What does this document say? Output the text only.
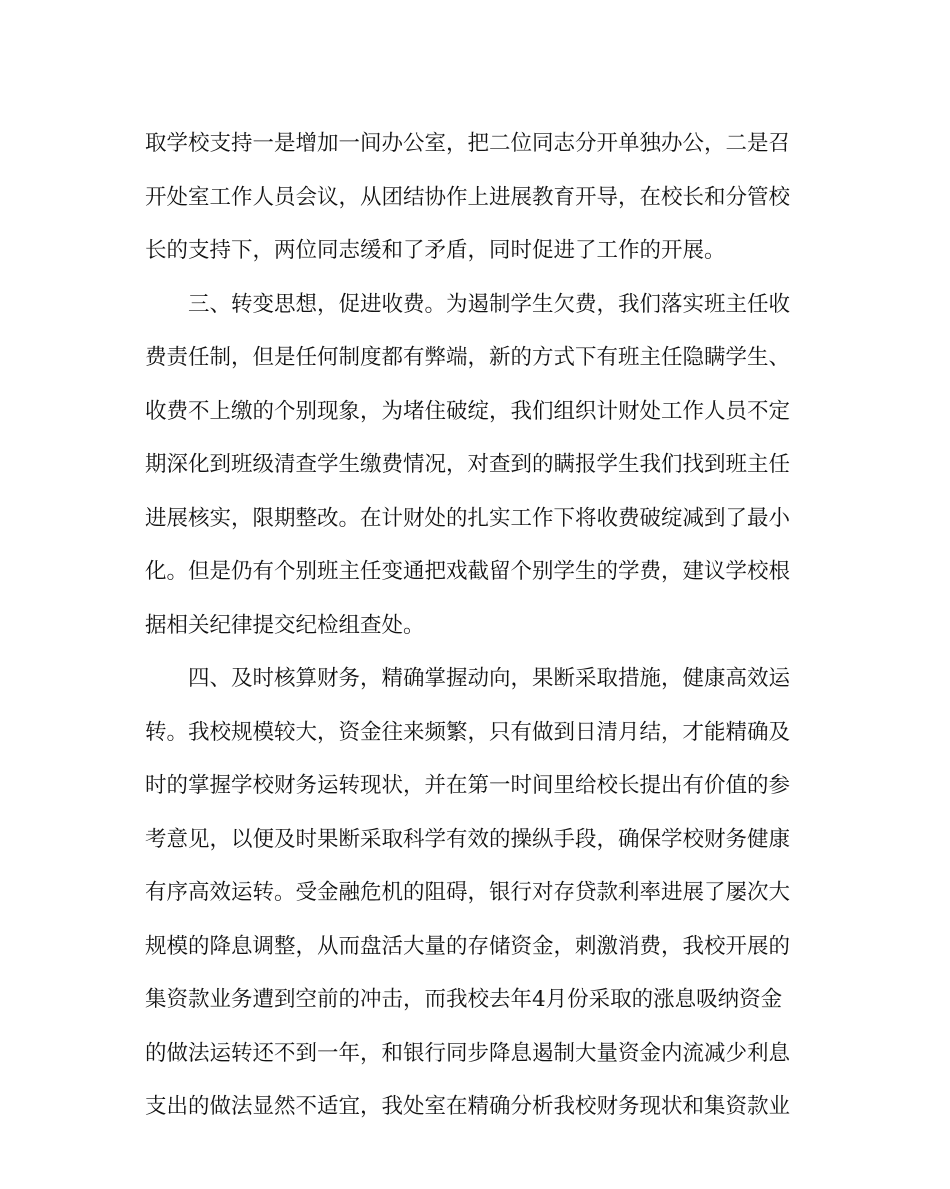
取学校支持一是增加一间办公室，把二位同志分开单独办公，二是召
开处室工作人员会议，从团结协作上进展教育开导，在校长和分管校
长的支持下，两位同志缓和了矛盾，同时促进了工作的开展。
三、转变思想，促进收费。为遏制学生欠费，我们落实班主任收
费责任制，但是任何制度都有弊端，新的方式下有班主任隐瞒学生、
收费不上缴的个别现象，为堵住破绽，我们组织计财处工作人员不定
期深化到班级清查学生缴费情况，对查到的瞒报学生我们找到班主任
进展核实，限期整改。在计财处的扎实工作下将收费破绽减到了最小
化。但是仍有个别班主任变通把戏截留个别学生的学费，建议学校根
据相关纪律提交纪检组查处。
四、及时核算财务，精确掌握动向，果断采取措施，健康高效运
转。我校规模较大，资金往来频繁，只有做到日清月结，才能精确及
时的掌握学校财务运转现状，并在第一时间里给校长提出有价值的参
考意见，以便及时果断采取科学有效的操纵手段，确保学校财务健康
有序高效运转。受金融危机的阻碍，银行对存贷款利率进展了屡次大
规模的降息调整，从而盘活大量的存储资金，刺激消费，我校开展的
集资款业务遭到空前的冲击，而我校去年4月份采取的涨息吸纳资金
的做法运转还不到一年，和银行同步降息遏制大量资金内流减少利息
支出的做法显然不适宜，我处室在精确分析我校财务现状和集资款业
